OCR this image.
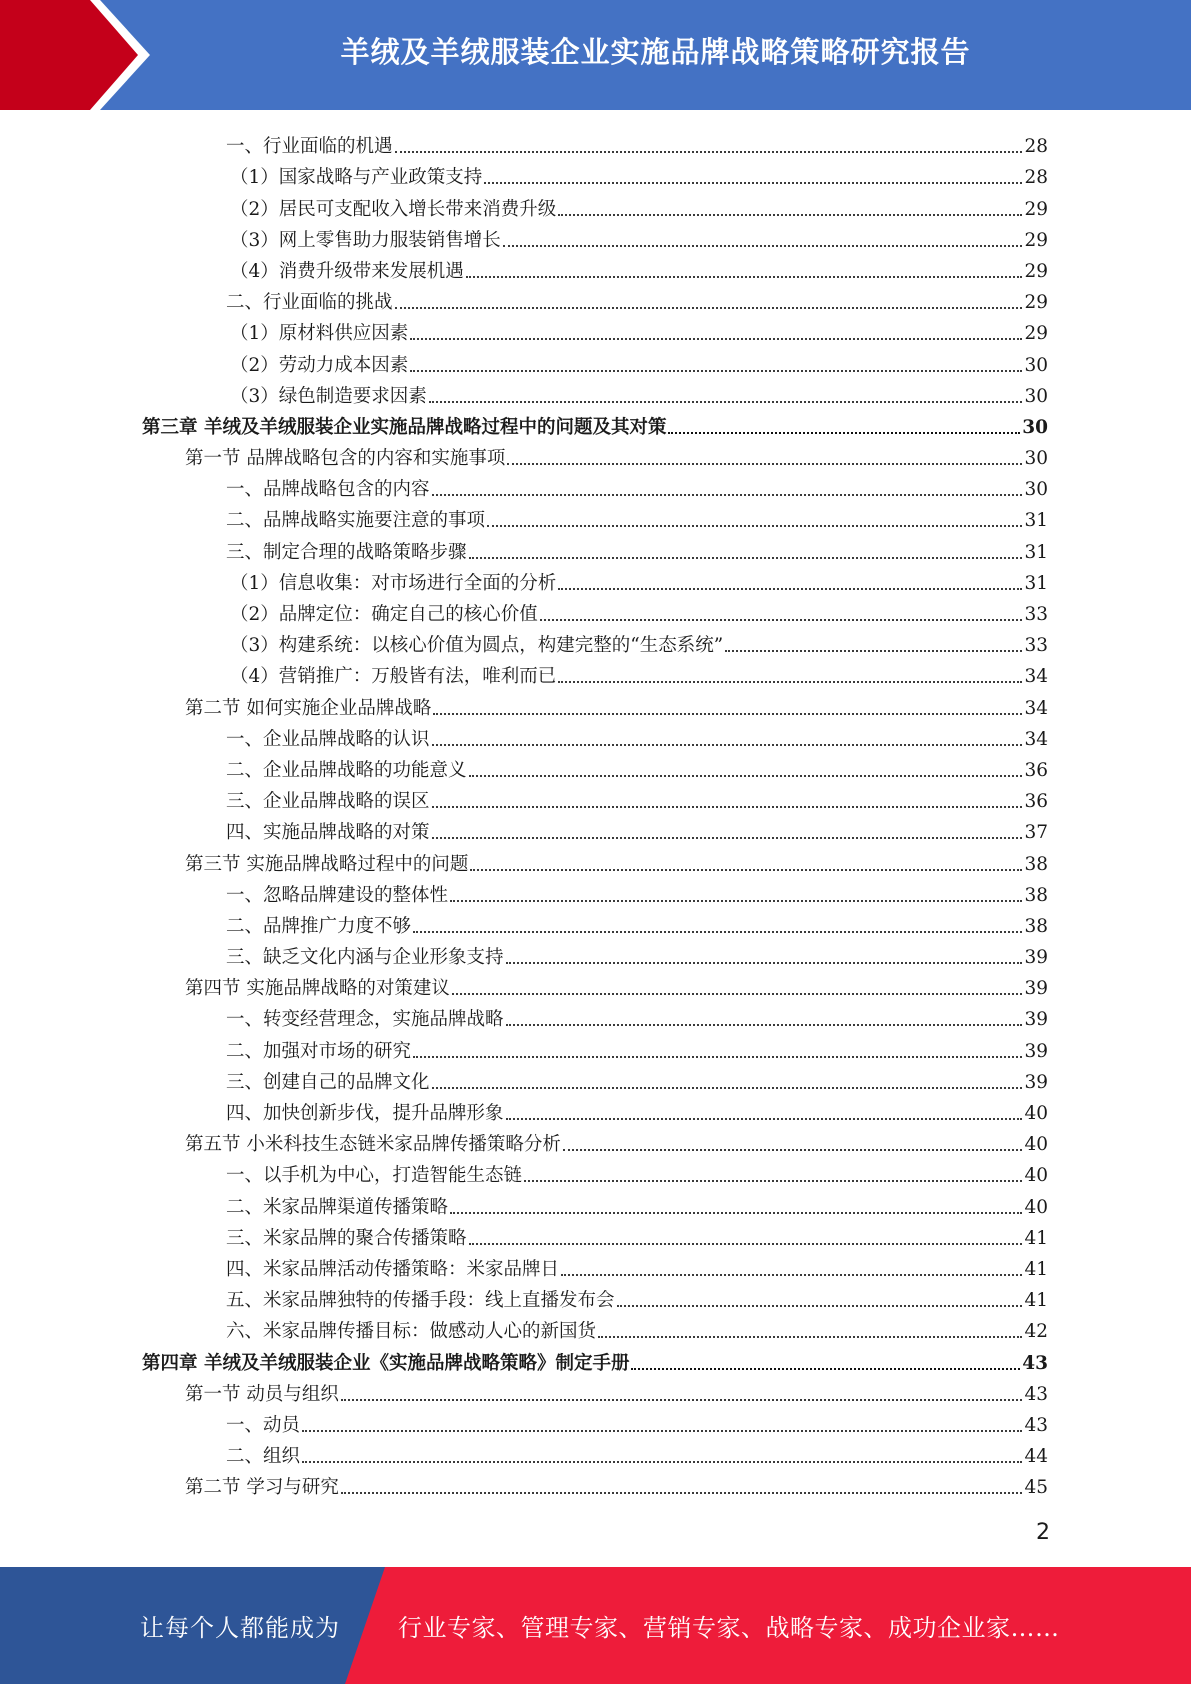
羊绒及羊绒服装企业实施品牌战略策略研究报告
一、行业面临的机遇	28
（1）国家战略与产业政策支持	28
（2）居民可支配收入增长带来消费升级	29
（3）网上零售助力服装销售增长	29
（4）消费升级带来发展机遇	29
二、行业面临的挑战	29
（1）原材料供应因素	29
（2）劳动力成本因素	30
（3）绿色制造要求因素	30
第三章 羊绒及羊绒服装企业实施品牌战略过程中的问题及其对策	30
第一节 品牌战略包含的内容和实施事项	30
一、品牌战略包含的内容	30
二、品牌战略实施要注意的事项	31
三、制定合理的战略策略步骤	31
（1）信息收集：对市场进行全面的分析	31
（2）品牌定位：确定自己的核心价值	33
（3）构建系统：以核心价值为圆点，构建完整的“生态系统”	33
（4）营销推广：万般皆有法，唯利而已	34
第二节 如何实施企业品牌战略	34
一、企业品牌战略的认识	34
二、企业品牌战略的功能意义	36
三、企业品牌战略的误区	36
四、实施品牌战略的对策	37
第三节 实施品牌战略过程中的问题	38
一、忽略品牌建设的整体性	38
二、品牌推广力度不够	38
三、缺乏文化内涵与企业形象支持	39
第四节 实施品牌战略的对策建议	39
一、转变经营理念，实施品牌战略	39
二、加强对市场的研究	39
三、创建自己的品牌文化	39
四、加快创新步伐，提升品牌形象	40
第五节 小米科技生态链米家品牌传播策略分析	40
一、以手机为中心，打造智能生态链	40
二、米家品牌渠道传播策略	40
三、米家品牌的聚合传播策略	41
四、米家品牌活动传播策略：米家品牌日	41
五、米家品牌独特的传播手段：线上直播发布会	41
六、米家品牌传播目标：做感动人心的新国货	42
第四章 羊绒及羊绒服装企业《实施品牌战略策略》制定手册	43
第一节 动员与组织	43
一、动员	43
二、组织	44
第二节 学习与研究	45
2
让每个人都能成为 行业专家、管理专家、营销专家、战略专家、成功企业家……
